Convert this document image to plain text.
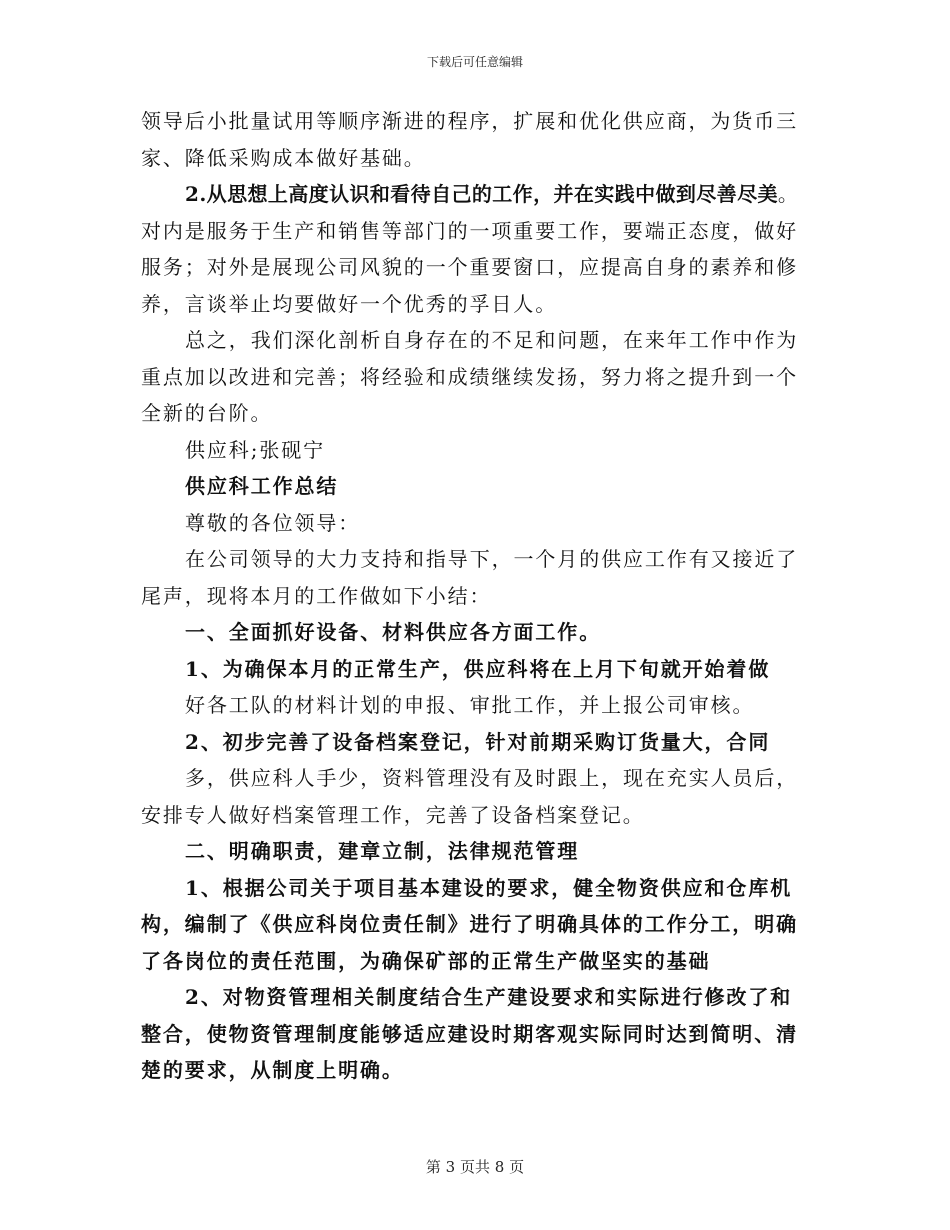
下载后可任意编辑

领导后小批量试用等顺序渐进的程序，扩展和优化供应商，为货币三家、降低采购成本做好基础。

2.从思想上高度认识和看待自己的工作，并在实践中做到尽善尽美。对内是服务于生产和销售等部门的一项重要工作，要端正态度，做好服务；对外是展现公司风貌的一个重要窗口，应提高自身的素养和修养，言谈举止均要做好一个优秀的孚日人。

总之，我们深化剖析自身存在的不足和问题，在来年工作中作为重点加以改进和完善；将经验和成绩继续发扬，努力将之提升到一个全新的台阶。

供应科;张砚宁

供应科工作总结

尊敬的各位领导：

在公司领导的大力支持和指导下，一个月的供应工作有又接近了尾声，现将本月的工作做如下小结：

一、全面抓好设备、材料供应各方面工作。

1、为确保本月的正常生产，供应科将在上月下旬就开始着做

好各工队的材料计划的申报、审批工作，并上报公司审核。

2、初步完善了设备档案登记，针对前期采购订货量大，合同

多，供应科人手少，资料管理没有及时跟上，现在充实人员后，

安排专人做好档案管理工作，完善了设备档案登记。

二、明确职责，建章立制，法律规范管理

1、根据公司关于项目基本建设的要求，健全物资供应和仓库机构，编制了《供应科岗位责任制》进行了明确具体的工作分工，明确了各岗位的责任范围，为确保矿部的正常生产做坚实的基础

2、对物资管理相关制度结合生产建设要求和实际进行修改了和整合，使物资管理制度能够适应建设时期客观实际同时达到简明、清楚的要求，从制度上明确。

第 3 页共 8 页
